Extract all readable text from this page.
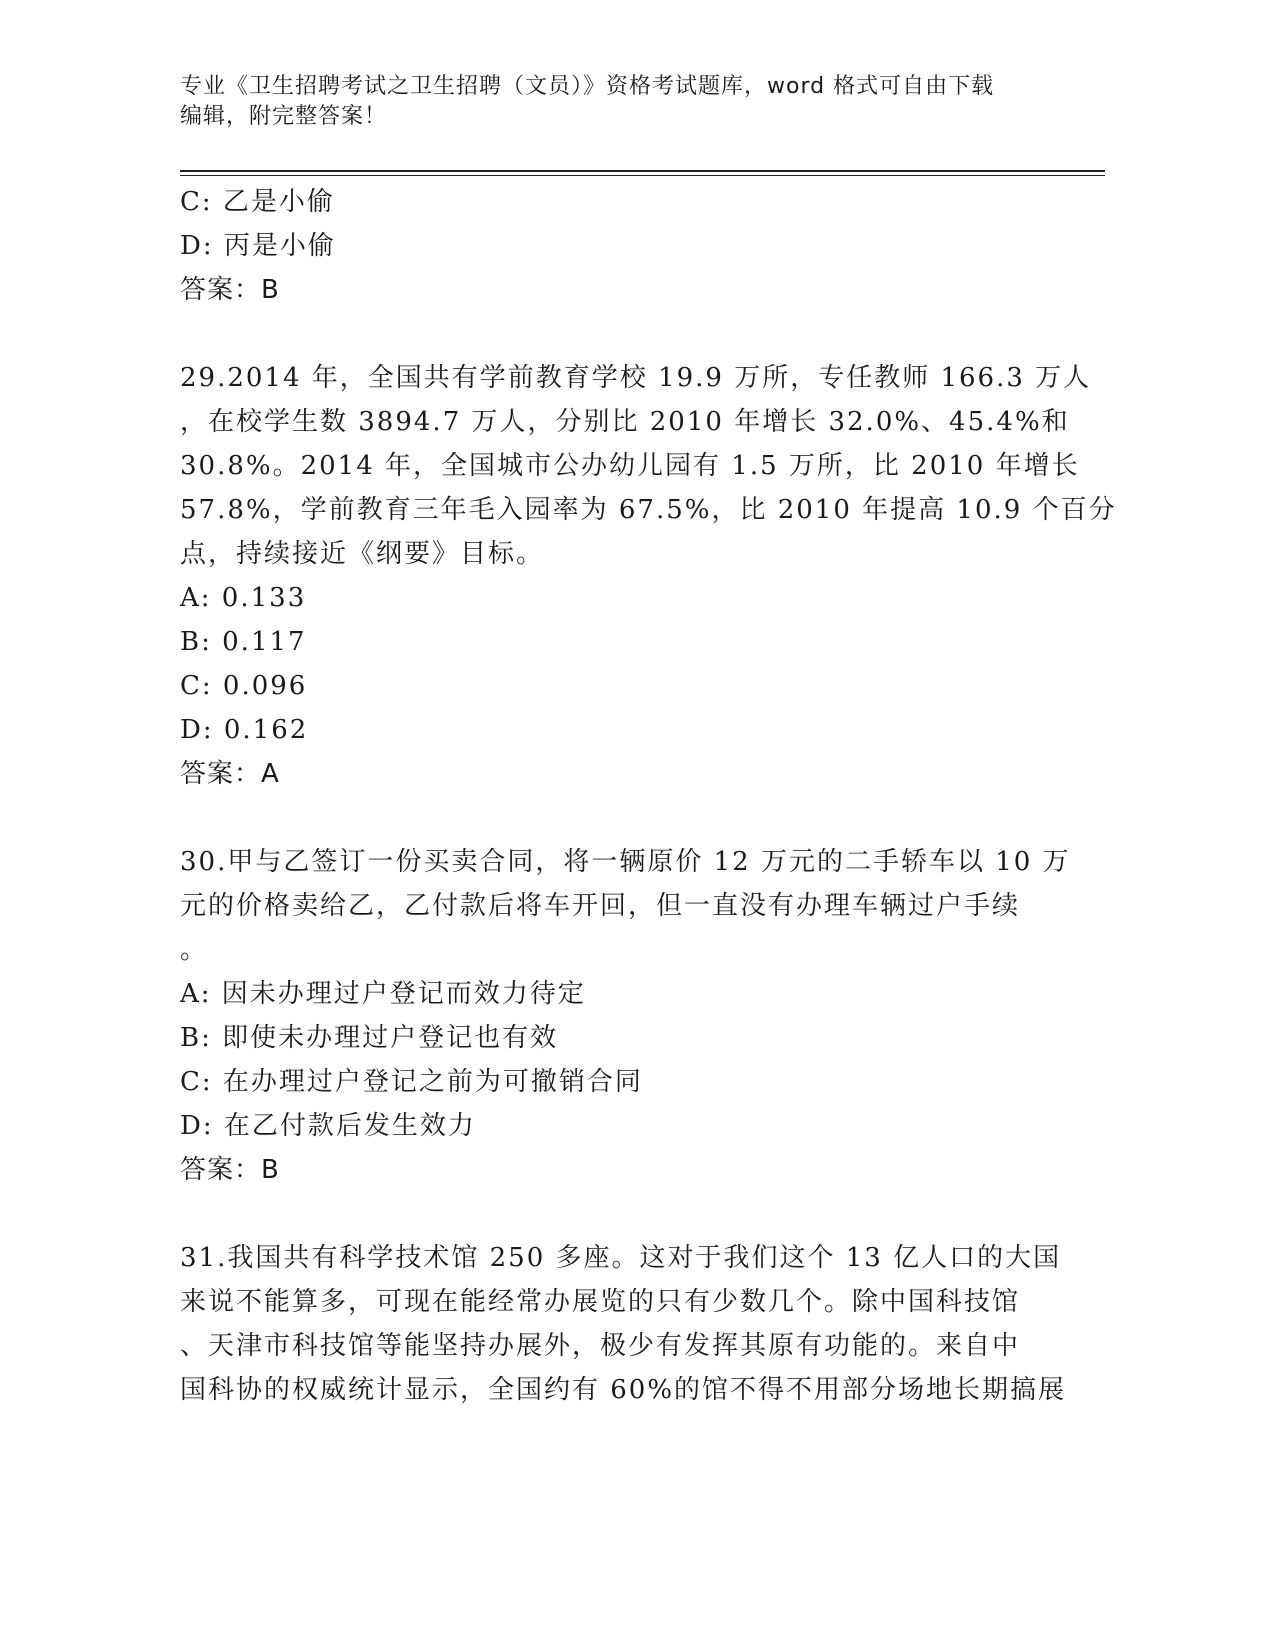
专业《卫生招聘考试之卫生招聘（文员）》资格考试题库，word 格式可自由下载
编辑，附完整答案！
C: 乙是小偷
D: 丙是小偷
答案：B
29.2014 年，全国共有学前教育学校 19.9 万所，专任教师 166.3 万人
，在校学生数 3894.7 万人，分别比 2010 年增长 32.0%、45.4%和
30.8%。2014 年，全国城市公办幼儿园有 1.5 万所，比 2010 年增长
57.8%，学前教育三年毛入园率为 67.5%，比 2010 年提高 10.9 个百分
点，持续接近《纲要》目标。
A: 0.133
B: 0.117
C: 0.096
D: 0.162
答案：A
30.甲与乙签订一份买卖合同，将一辆原价 12 万元的二手轿车以 10 万
元的价格卖给乙，乙付款后将车开回，但一直没有办理车辆过户手续
。
A: 因未办理过户登记而效力待定
B: 即使未办理过户登记也有效
C: 在办理过户登记之前为可撤销合同
D: 在乙付款后发生效力
答案：B
31.我国共有科学技术馆 250 多座。这对于我们这个 13 亿人口的大国
来说不能算多，可现在能经常办展览的只有少数几个。除中国科技馆
、天津市科技馆等能坚持办展外，极少有发挥其原有功能的。来自中
国科协的权威统计显示，全国约有 60%的馆不得不用部分场地长期搞展
